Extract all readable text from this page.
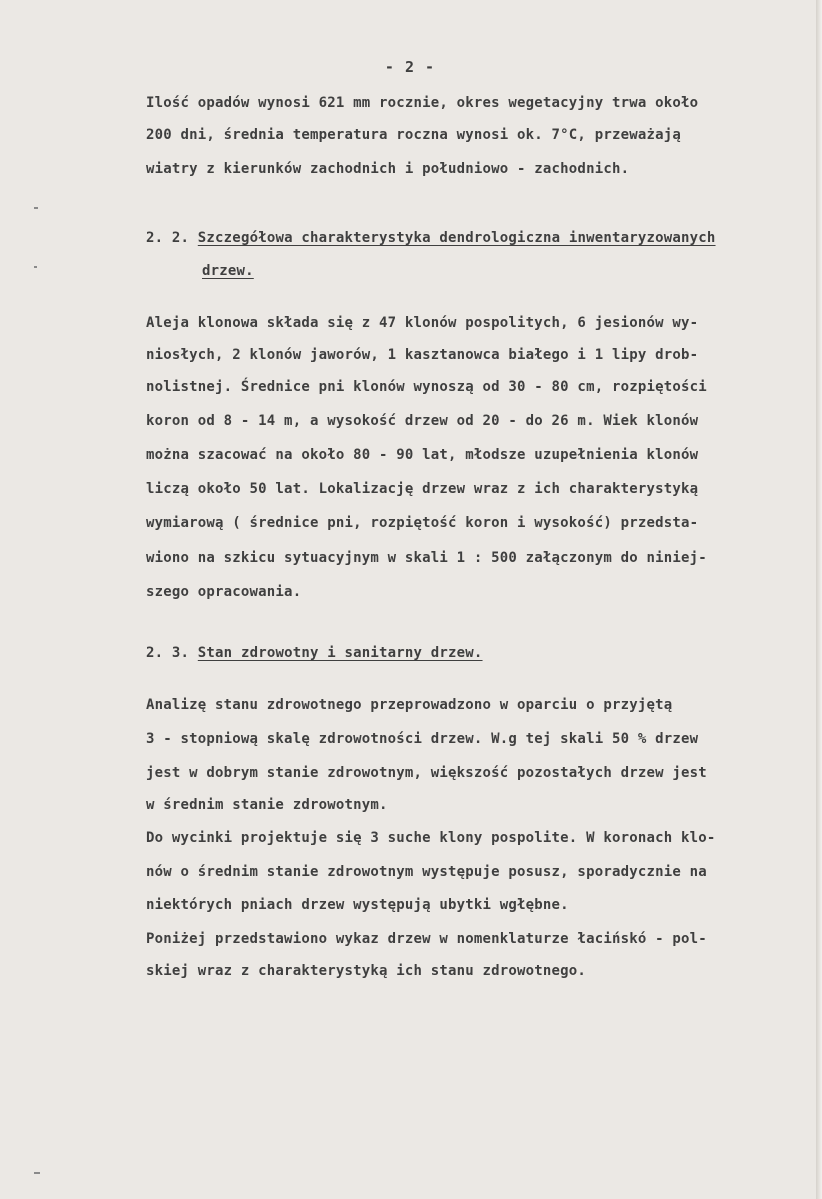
- 2 -
Ilość opadów wynosi 621 mm rocznie, okres wegetacyjny trwa około
200 dni, średnia temperatura roczna wynosi ok. 7°C, przeważają
wiatry z kierunków zachodnich i południowo - zachodnich.
2. 2. Szczegółowa charakterystyka dendrologiczna inwentaryzowanych
drzew.
Aleja klonowa składa się z 47 klonów pospolitych, 6 jesionów wy-
niosłych, 2 klonów jaworów, 1 kasztanowca białego i 1 lipy drob-
nolistnej. Średnice pni klonów wynoszą od 30 - 80 cm, rozpiętości
koron od 8 - 14 m, a wysokość drzew od 20 - do 26 m. Wiek klonów
można szacować na około 80 - 90 lat, młodsze uzupełnienia klonów
liczą około 50 lat. Lokalizację drzew wraz z ich charakterystyką
wymiarową ( średnice pni, rozpiętość koron i wysokość) przedsta-
wiono na szkicu sytuacyjnym w skali 1 : 500 załączonym do niniej-
szego opracowania.
2. 3. Stan zdrowotny i sanitarny drzew.
Analizę stanu zdrowotnego przeprowadzono w oparciu o przyjętą
3 - stopniową skalę zdrowotności drzew. W.g tej skali 50 % drzew
jest w dobrym stanie zdrowotnym, większość pozostałych drzew jest
w średnim stanie zdrowotnym.
Do wycinki projektuje się 3 suche klony pospolite. W koronach klo-
nów o średnim stanie zdrowotnym występuje posusz, sporadycznie na
niektórych pniach drzew występują ubytki wgłębne.
Poniżej przedstawiono wykaz drzew w nomenklaturze łacińskó - pol-
skiej wraz z charakterystyką ich stanu zdrowotnego.
